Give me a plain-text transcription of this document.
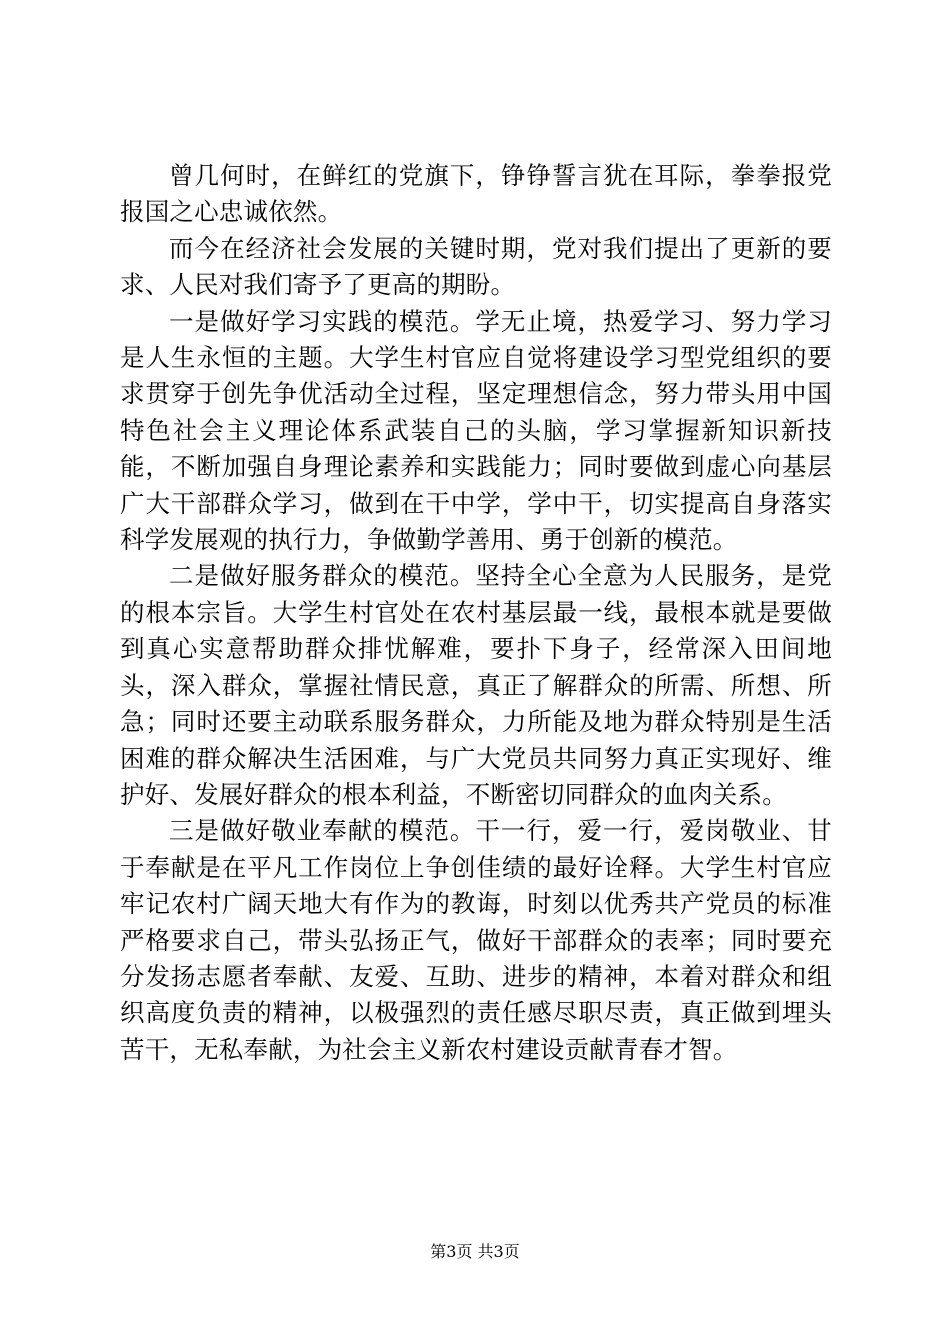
曾几何时，在鲜红的党旗下，铮铮誓言犹在耳际，拳拳报党报国之心忠诚依然。

而今在经济社会发展的关键时期，党对我们提出了更新的要求、人民对我们寄予了更高的期盼。

一是做好学习实践的模范。学无止境，热爱学习、努力学习是人生永恒的主题。大学生村官应自觉将建设学习型党组织的要求贯穿于创先争优活动全过程，坚定理想信念，努力带头用中国特色社会主义理论体系武装自己的头脑，学习掌握新知识新技能，不断加强自身理论素养和实践能力；同时要做到虚心向基层广大干部群众学习，做到在干中学，学中干，切实提高自身落实科学发展观的执行力，争做勤学善用、勇于创新的模范。

二是做好服务群众的模范。坚持全心全意为人民服务，是党的根本宗旨。大学生村官处在农村基层最一线，最根本就是要做到真心实意帮助群众排忧解难，要扑下身子，经常深入田间地头，深入群众，掌握社情民意，真正了解群众的所需、所想、所急；同时还要主动联系服务群众，力所能及地为群众特别是生活困难的群众解决生活困难，与广大党员共同努力真正实现好、维护好、发展好群众的根本利益，不断密切同群众的血肉关系。

三是做好敬业奉献的模范。干一行，爱一行，爱岗敬业、甘于奉献是在平凡工作岗位上争创佳绩的最好诠释。大学生村官应牢记农村广阔天地大有作为的教诲，时刻以优秀共产党员的标准严格要求自己，带头弘扬正气，做好干部群众的表率；同时要充分发扬志愿者奉献、友爱、互助、进步的精神，本着对群众和组织高度负责的精神，以极强烈的责任感尽职尽责，真正做到埋头苦干，无私奉献，为社会主义新农村建设贡献青春才智。

第3页 共3页
